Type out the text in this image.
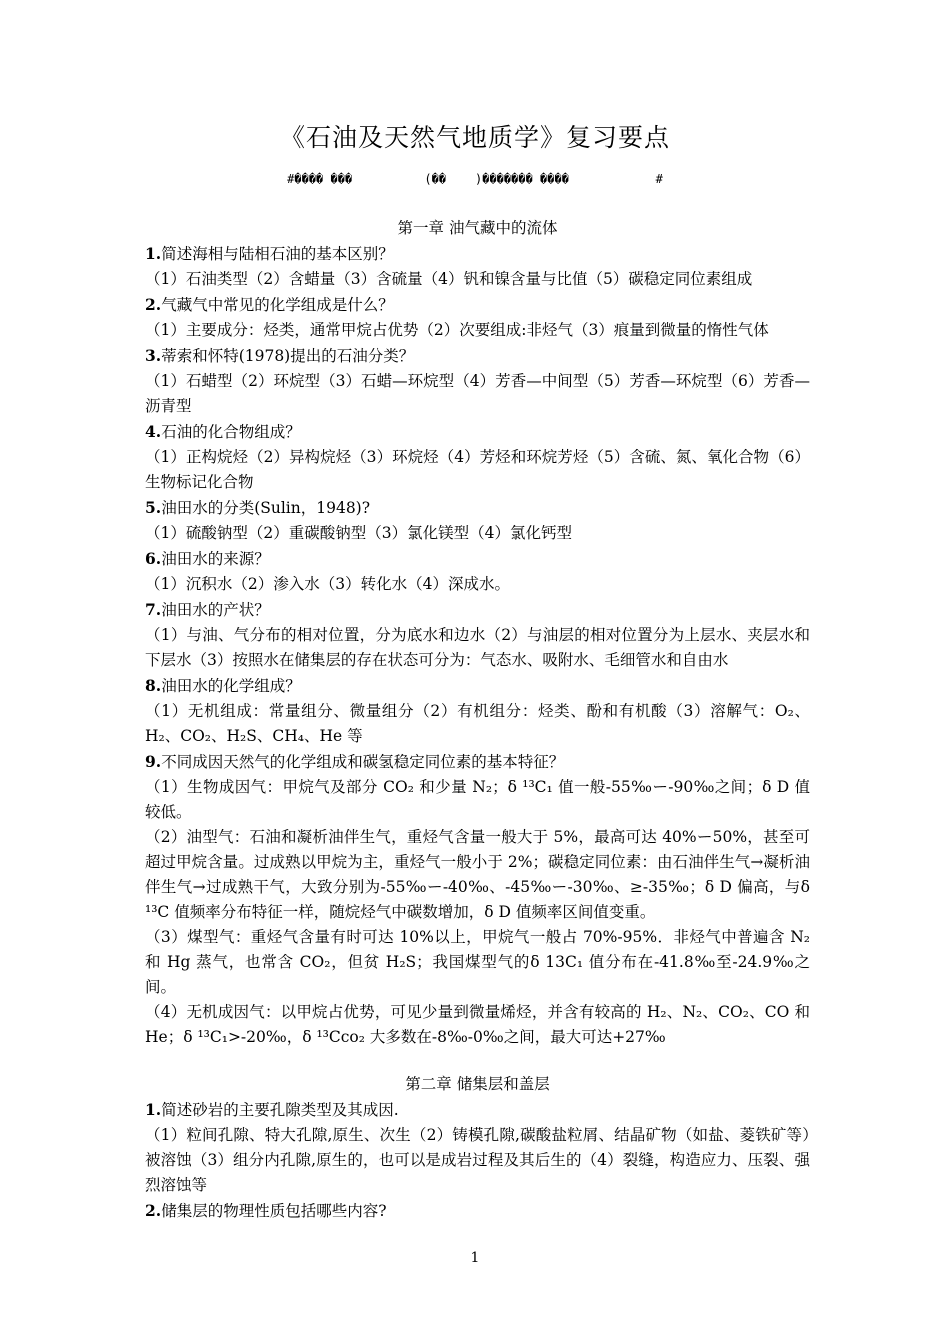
《石油及天然气地质学》复习要点
#���� ���          (��    )������� ����            #
第一章 油气藏中的流体

1.简述海相与陆相石油的基本区别？

（1）石油类型（2）含蜡量（3）含硫量（4）钒和镍含量与比值（5）碳稳定同位素组成

2.气藏气中常见的化学组成是什么？

（1）主要成分：烃类，通常甲烷占优势（2）次要组成:非烃气（3）痕量到微量的惰性气体

3.蒂索和怀特(1978)提出的石油分类？

（1）石蜡型（2）环烷型（3）石蜡—环烷型（4）芳香—中间型（5）芳香—环烷型（6）芳香—沥青型

4.石油的化合物组成？

（1）正构烷烃（2）异构烷烃（3）环烷烃（4）芳烃和环烷芳烃（5）含硫、氮、氧化合物（6）生物标记化合物

5.油田水的分类(Sulin，1948)?

（1）硫酸钠型（2）重碳酸钠型（3）氯化镁型（4）氯化钙型

6.油田水的来源？

（1）沉积水（2）渗入水（3）转化水（4）深成水。

7.油田水的产状？

（1）与油、气分布的相对位置，分为底水和边水（2）与油层的相对位置分为上层水、夹层水和下层水（3）按照水在储集层的存在状态可分为：气态水、吸附水、毛细管水和自由水

8.油田水的化学组成？

（1）无机组成：常量组分、微量组分（2）有机组分：烃类、酚和有机酸（3）溶解气：O₂、H₂、CO₂、H₂S、CH₄、He 等

9.不同成因天然气的化学组成和碳氢稳定同位素的基本特征？

（1）生物成因气：甲烷气及部分 CO₂ 和少量 N₂；δ ¹³C₁ 值一般-55‰ー-90‰之间；δ D 值较低。

（2）油型气：石油和凝析油伴生气，重烃气含量一般大于 5%，最高可达 40%ー50%，甚至可超过甲烷含量。过成熟以甲烷为主，重烃气一般小于 2%；碳稳定同位素：由石油伴生气→凝析油伴生气→过成熟干气，大致分别为-55‰ー-40‰、-45‰ー-30‰、≥-35‰；δ D 偏高，与δ ¹³C 值频率分布特征一样，随烷烃气中碳数增加，δ D 值频率区间值变重。

（3）煤型气：重烃气含量有时可达 10%以上，甲烷气一般占 70%-95%．非烃气中普遍含 N₂ 和 Hg 蒸气，也常含 CO₂，但贫 H₂S；我国煤型气的δ 13C₁ 值分布在-41.8‰至-24.9‰之间。

（4）无机成因气：以甲烷占优势，可见少量到微量烯烃，并含有较高的 H₂、N₂、CO₂、CO 和 He；δ ¹³C₁>-20‰，δ ¹³Cco₂ 大多数在-8‰-0‰之间，最大可达+27‰

第二章 储集层和盖层

1.简述砂岩的主要孔隙类型及其成因.

（1）粒间孔隙、特大孔隙,原生、次生（2）铸模孔隙,碳酸盐粒屑、结晶矿物（如盐、菱铁矿等）被溶蚀（3）组分内孔隙,原生的，也可以是成岩过程及其后生的（4）裂缝，构造应力、压裂、强烈溶蚀等

2.储集层的物理性质包括哪些内容?

1
